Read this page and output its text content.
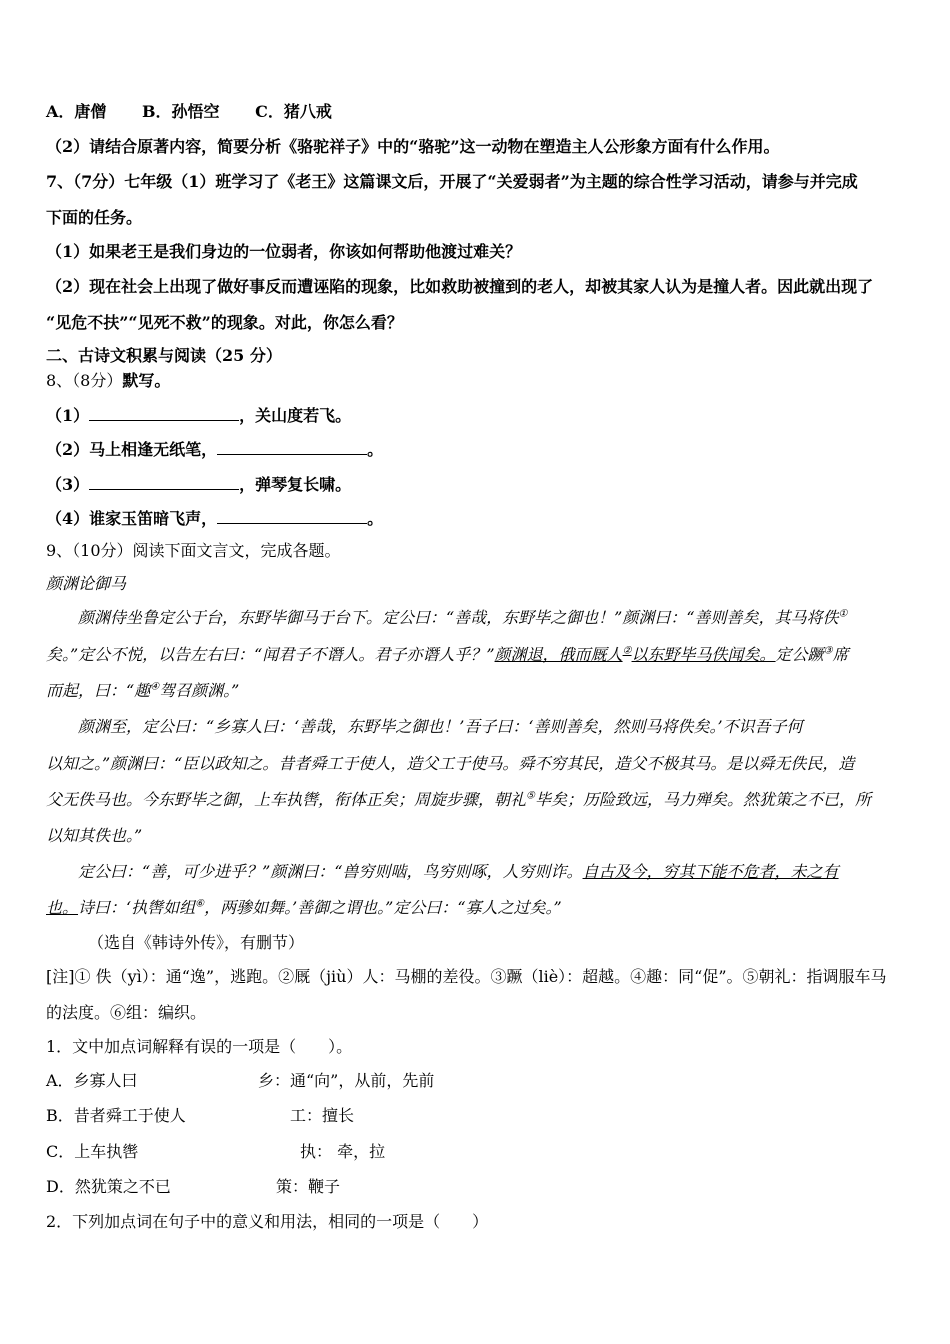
A．唐僧 B．孙悟空 C．猪八戒
（2）请结合原著内容，简要分析《骆驼祥子》中的“骆驼”这一动物在塑造主人公形象方面有什么作用。
7、（7分）七年级（1）班学习了《老王》这篇课文后，开展了“关爱弱者”为主题的综合性学习活动，请参与并完成
下面的任务。
（1）如果老王是我们身边的一位弱者，你该如何帮助他渡过难关？
（2）现在社会上出现了做好事反而遭诬陷的现象，比如救助被撞到的老人，却被其家人认为是撞人者。因此就出现了
“见危不扶”“见死不救”的现象。对此，你怎么看？
二、古诗文积累与阅读（25 分）
8、（8分）默写。
（1）	，关山度若飞。
（2）马上相逢无纸笔，	。
（3）	，弹琴复长啸。
（4）谁家玉笛暗飞声，	。
9、（10分）阅读下面文言文，完成各题。
颜渊论御马
颜渊侍坐鲁定公于台，东野毕御马于台下。定公曰：“善哉，东野毕之御也！”颜渊曰：“善则善矣，其马将佚①
矣。”定公不悦，以告左右曰：“闻君子不谮人。君子亦谮人乎？”颜渊退，俄而厩人②以东野毕马佚闻矣。定公蹶③席
而起，曰：“趣④驾召颜渊。”
颜渊至，定公曰：“乡寡人曰：‘善哉，东野毕之御也！’吾子曰：‘善则善矣，然则马将佚矣。’不识吾子何
以知之。”颜渊曰：“臣以政知之。昔者舜工于使人，造父工于使马。舜不穷其民，造父不极其马。是以舜无佚民，造
父无佚马也。今东野毕之御，上车执辔，衔体正矣；周旋步骤，朝礼⑤毕矣；历险致远，马力殚矣。然犹策之不已，所
以知其佚也。”
定公曰：“善，可少进乎？”颜渊曰：“兽穷则啮，鸟穷则啄，人穷则诈。自古及今，穷其下能不危者，未之有
也。诗曰：‘执辔如组⑥，两骖如舞。’善御之谓也。”定公曰：“寡人之过矣。”
（选自《韩诗外传》，有删节）
[注]① 佚（yì）：通“逸”，逃跑。②厩（jiù）人：马棚的差役。③蹶（liè）：超越。④趣：同“促”。⑤朝礼：指调服车马
的法度。⑥组：编织。
1．文中加点词解释有误的一项是（　　）。
A．乡寡人曰	乡：通“向”，从前，先前
B．昔者舜工于使人	工：擅长
C．上车执辔	执： 牵，拉
D．然犹策之不已	策：鞭子
2．下列加点词在句子中的意义和用法，相同的一项是（　　）
